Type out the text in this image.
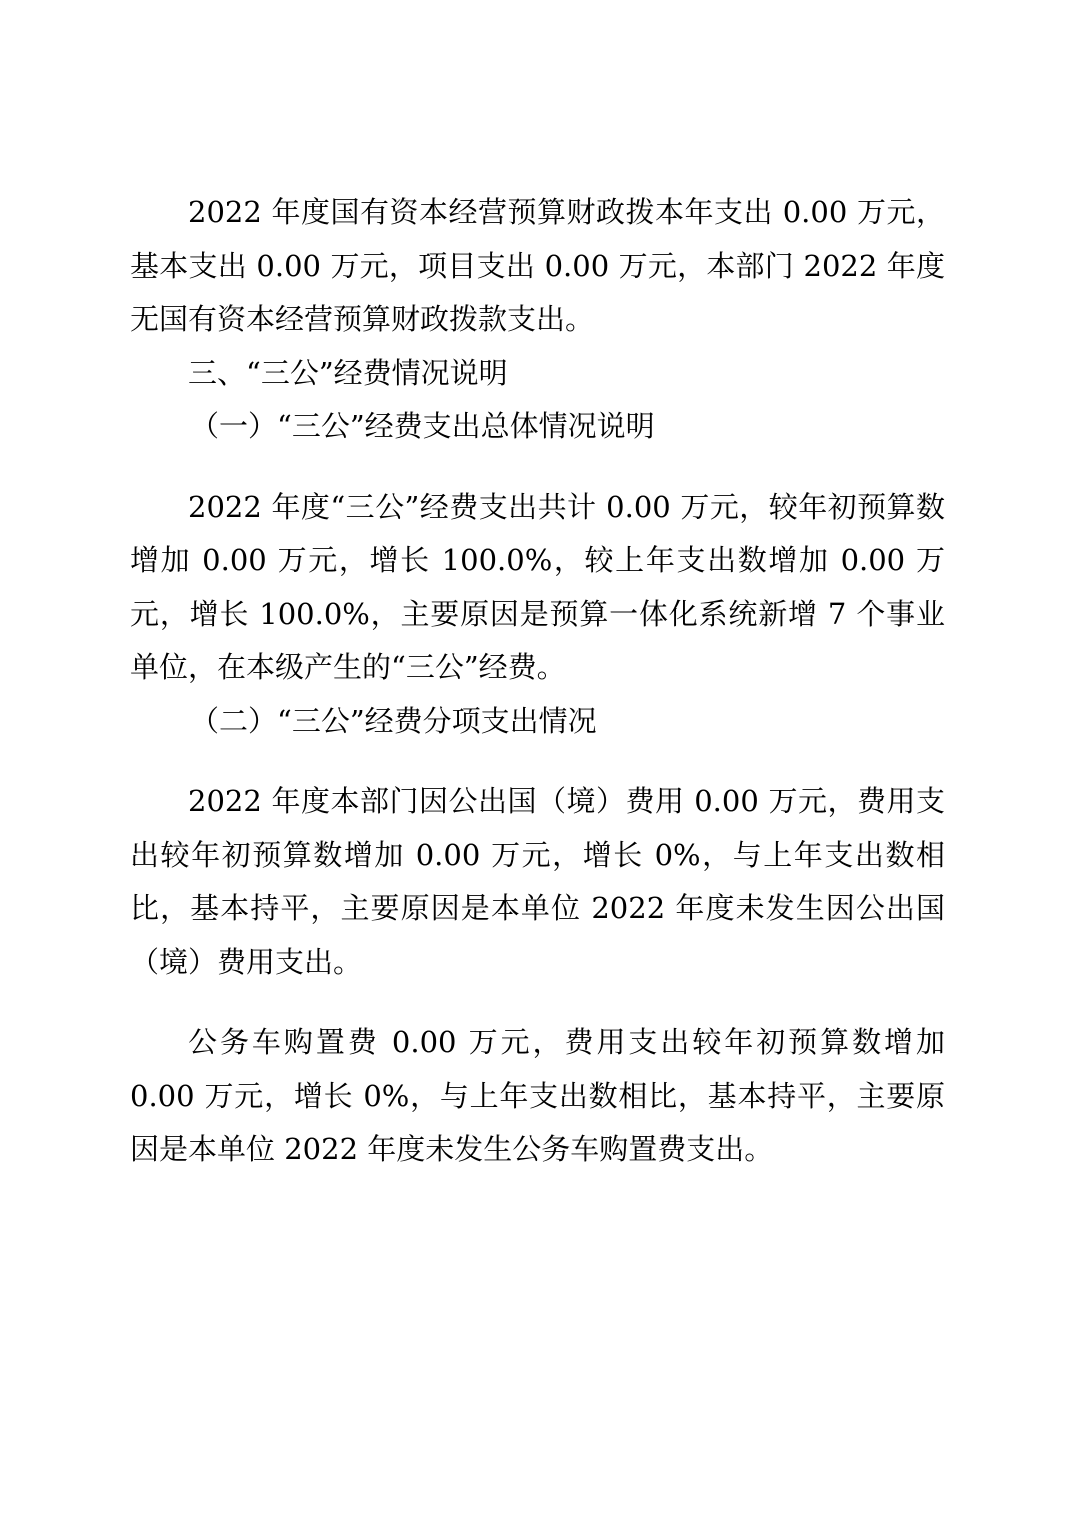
2022 年度国有资本经营预算财政拨本年支出 0.00 万元，基本支出 0.00 万元，项目支出 0.00 万元，本部门 2022 年度无国有资本经营预算财政拨款支出。

三、“三公”经费情况说明

（一）“三公”经费支出总体情况说明

2022 年度“三公”经费支出共计 0.00 万元，较年初预算数增加 0.00 万元，增长 100.0%，较上年支出数增加 0.00 万元，增长 100.0%，主要原因是预算一体化系统新增 7 个事业单位，在本级产生的“三公”经费。

（二）“三公”经费分项支出情况

2022 年度本部门因公出国（境）费用 0.00 万元，费用支出较年初预算数增加 0.00 万元，增长 0%，与上年支出数相比，基本持平，主要原因是本单位 2022 年度未发生因公出国（境）费用支出。

公务车购置费 0.00 万元，费用支出较年初预算数增加 0.00 万元，增长 0%，与上年支出数相比，基本持平，主要原因是本单位 2022 年度未发生公务车购置费支出。
